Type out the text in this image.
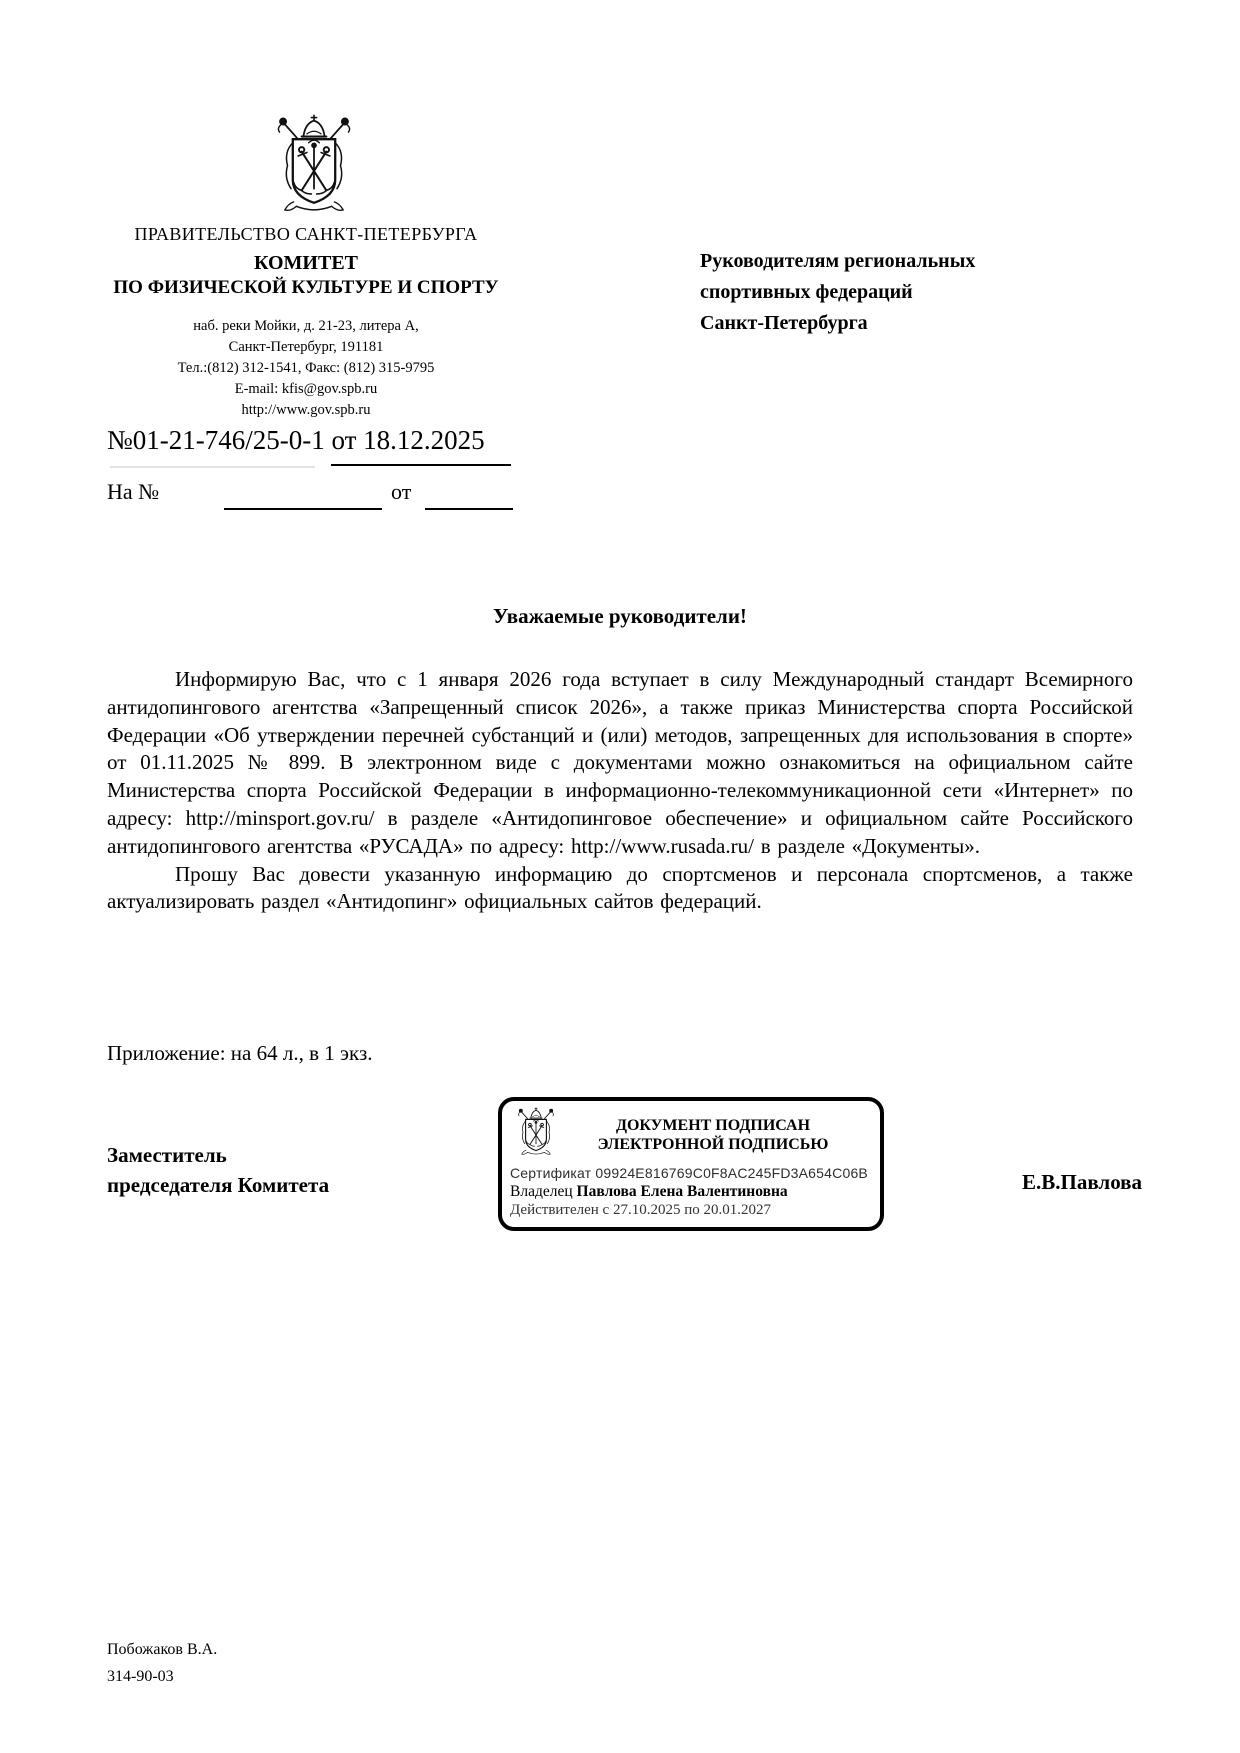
ПРАВИТЕЛЬСТВО САНКТ-ПЕТЕРБУРГА
КОМИТЕТ
ПО ФИЗИЧЕСКОЙ КУЛЬТУРЕ И СПОРТУ
наб. реки Мойки, д. 21-23, литера А,
Санкт-Петербург, 191181
Тел.:(812) 312-1541, Факс: (812) 315-9795
E-mail: kfis@gov.spb.ru
http://www.gov.spb.ru
№01-21-746/25-0-1 от 18.12.2025
На №	от
Руководителям региональных
спортивных федераций
Санкт-Петербурга
Уважаемые руководители!

Информирую Вас, что с 1 января 2026 года вступает в силу Международный стандарт Всемирного антидопингового агентства «Запрещенный список 2026», а также приказ Министерства спорта Российской Федерации «Об утверждении перечней субстанций и (или) методов, запрещенных для использования в спорте» от 01.11.2025 № 899. В электронном виде с документами можно ознакомиться на официальном сайте Министерства спорта Российской Федерации в информационно-телекоммуникационной сети «Интернет» по адресу: http://minsport.gov.ru/ в разделе «Антидопинговое обеспечение» и официальном сайте Российского антидопингового агентства «РУСАДА» по адресу: http://www.rusada.ru/ в разделе «Документы».

Прошу Вас довести указанную информацию до спортсменов и персонала спортсменов, а также актуализировать раздел «Антидопинг» официальных сайтов федераций.

Приложение: на 64 л., в 1 экз.
Заместитель
председателя Комитета
ДОКУМЕНТ ПОДПИСАН
ЭЛЕКТРОННОЙ ПОДПИСЬЮ
Сертификат 09924E816769C0F8AC245FD3A654C06B
Владелец Павлова Елена Валентиновна
Действителен с 27.10.2025 по 20.01.2027
Е.В.Павлова
Побожаков В.А.
314-90-03
